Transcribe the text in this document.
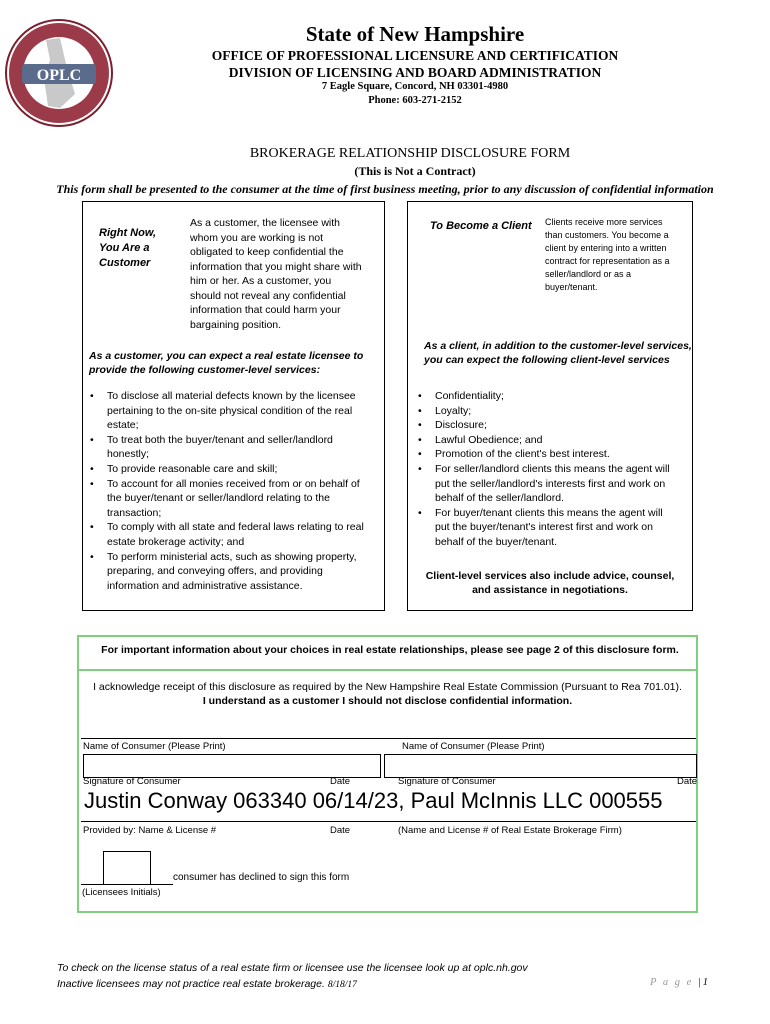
OPLC
State of New Hampshire
OFFICE OF PROFESSIONAL LICENSURE AND CERTIFICATION
DIVISION OF LICENSING AND BOARD ADMINISTRATION
7 Eagle Square, Concord, NH 03301-4980
Phone: 603-271-2152
BROKERAGE RELATIONSHIP DISCLOSURE FORM
(This is Not a Contract)
This form shall be presented to the consumer at the time of first business meeting, prior to any discussion of confidential information
Right Now,
You Are a
Customer
As a customer, the licensee with
whom you are working is not
obligated to keep confidential the
information that you might share with
him or her. As a customer, you
should not reveal any confidential
information that could harm your
bargaining position.
As a customer, you can expect a real estate licensee to
provide the following customer-level services:
• To disclose all material defects known by the licensee
pertaining to the on-site physical condition of the real
estate;
• To treat both the buyer/tenant and seller/landlord
honestly;
• To provide reasonable care and skill;
• To account for all monies received from or on behalf of
the buyer/tenant or seller/landlord relating to the
transaction;
• To comply with all state and federal laws relating to real
estate brokerage activity; and
• To perform ministerial acts, such as showing property,
preparing, and conveying offers, and providing
information and administrative assistance.
To Become a Client	Clients receive more services
than customers. You become a
client by entering into a written
contract for representation as a
seller/landlord or as a
buyer/tenant.
As a client, in addition to the customer-level services,
you can expect the following client-level services
• Confidentiality;
• Loyalty;
• Disclosure;
• Lawful Obedience; and
• Promotion of the client's best interest.
• For seller/landlord clients this means the agent will
put the seller/landlord's interests first and work on
behalf of the seller/landlord.
• For buyer/tenant clients this means the agent will
put the buyer/tenant's interest first and work on
behalf of the buyer/tenant.
Client-level services also include advice, counsel,
and assistance in negotiations.
For important information about your choices in real estate relationships, please see page 2 of this disclosure form.
I acknowledge receipt of this disclosure as required by the New Hampshire Real Estate Commission (Pursuant to Rea 701.01).
I understand as a customer I should not disclose confidential information.
Name of Consumer (Please Print)	Name of Consumer (Please Print)
Signature of Consumer	Date	Signature of Consumer	Date
Justin Conway 063340 06/14/23, Paul McInnis LLC 000555
Provided by: Name & License #	Date	(Name and License # of Real Estate Brokerage Firm)
consumer has declined to sign this form
(Licensees Initials)
To check on the license status of a real estate firm or licensee use the licensee look up at oplc.nh.gov
Inactive licensees may not practice real estate brokerage. 8/18/17	P a g e |1
